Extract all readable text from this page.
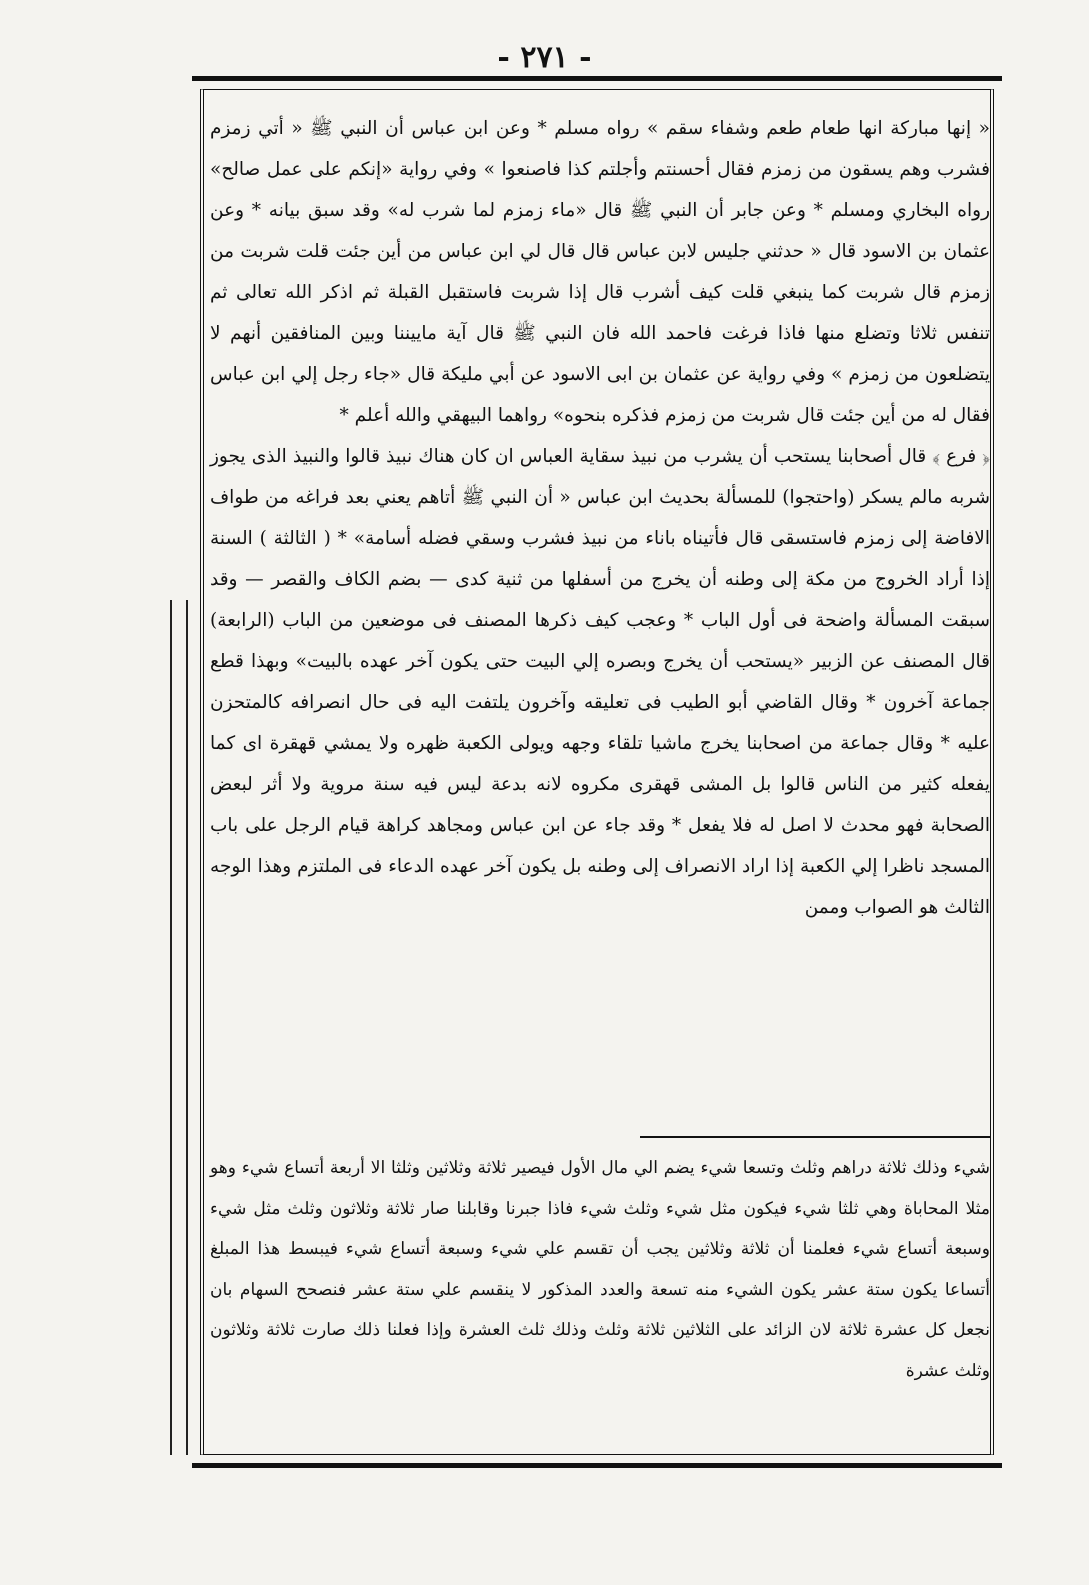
- ٢٧١ -

« إنها مباركة انها طعام طعم وشفاء سقم » رواه مسلم * وعن ابن عباس أن النبي ﷺ « أتي زمزم فشرب وهم يسقون من زمزم فقال أحسنتم وأجلتم كذا فاصنعوا » وفي رواية «إنكم على عمل صالح» رواه البخاري ومسلم * وعن جابر أن النبي ﷺ قال «ماء زمزم لما شرب له» وقد سبق بيانه * وعن عثمان بن الاسود قال « حدثني جليس لابن عباس قال قال لي ابن عباس من أين جئت قلت شربت من زمزم قال شربت كما ينبغي قلت كيف أشرب قال إذا شربت فاستقبل القبلة ثم اذكر الله تعالى ثم تنفس ثلاثا وتضلع منها فاذا فرغت فاحمد الله فان النبي ﷺ قال آية ماييننا وبين المنافقين أنهم لا يتضلعون من زمزم » وفي رواية عن عثمان بن ابى الاسود عن أبي مليكة قال «جاء رجل إلي ابن عباس فقال له من أين جئت قال شربت من زمزم فذكره بنحوه» رواهما البيهقي والله أعلم *

﴿ فرع ﴾ قال أصحابنا يستحب أن يشرب من نبيذ سقاية العباس ان كان هناك نبيذ قالوا والنبيذ الذى يجوز شربه مالم يسكر (واحتجوا) للمسألة بحديث ابن عباس « أن النبي ﷺ أتاهم يعني بعد فراغه من طواف الافاضة إلى زمزم فاستسقى قال فأتيناه باناء من نبيذ فشرب وسقي فضله أسامة» * ( الثالثة ) السنة إذا أراد الخروج من مكة إلى وطنه أن يخرج من أسفلها من ثنية كدى — بضم الكاف والقصر — وقد سبقت المسألة واضحة فى أول الباب * وعجب كيف ذكرها المصنف فى موضعين من الباب (الرابعة) قال المصنف عن الزبير «يستحب أن يخرج وبصره إلي البيت حتى يكون آخر عهده بالبيت» وبهذا قطع جماعة آخرون * وقال القاضي أبو الطيب فى تعليقه وآخرون يلتفت اليه فى حال انصرافه كالمتحزن عليه * وقال جماعة من اصحابنا يخرج ماشيا تلقاء وجهه ويولى الكعبة ظهره ولا يمشي قهقرة اى كما يفعله كثير من الناس قالوا بل المشى قهقرى مكروه لانه بدعة ليس فيه سنة مروية ولا أثر لبعض الصحابة فهو محدث لا اصل له فلا يفعل * وقد جاء عن ابن عباس ومجاهد كراهة قيام الرجل على باب المسجد ناظرا إلي الكعبة إذا اراد الانصراف إلى وطنه بل يكون آخر عهده الدعاء فى الملتزم وهذا الوجه الثالث هو الصواب وممن

شيء وذلك ثلاثة دراهم وثلث وتسعا شيء يضم الي مال الأول فيصير ثلاثة وثلاثين وثلثا الا أربعة أتساع شيء وهو مثلا المحاباة وهي ثلثا شيء فيكون مثل شيء وثلث شيء فاذا جبرنا وقابلنا صار ثلاثة وثلاثون وثلث مثل شيء وسبعة أتساع شيء فعلمنا أن ثلاثة وثلاثين يجب أن تقسم علي شيء وسبعة أتساع شيء فيبسط هذا المبلغ أتساعا يكون ستة عشر يكون الشيء منه تسعة والعدد المذكور لا ينقسم علي ستة عشر فنصحح السهام بان نجعل كل عشرة ثلاثة لان الزائد على الثلاثين ثلاثة وثلث وذلك ثلث العشرة وإذا فعلنا ذلك صارت ثلاثة وثلاثون وثلث عشرة
